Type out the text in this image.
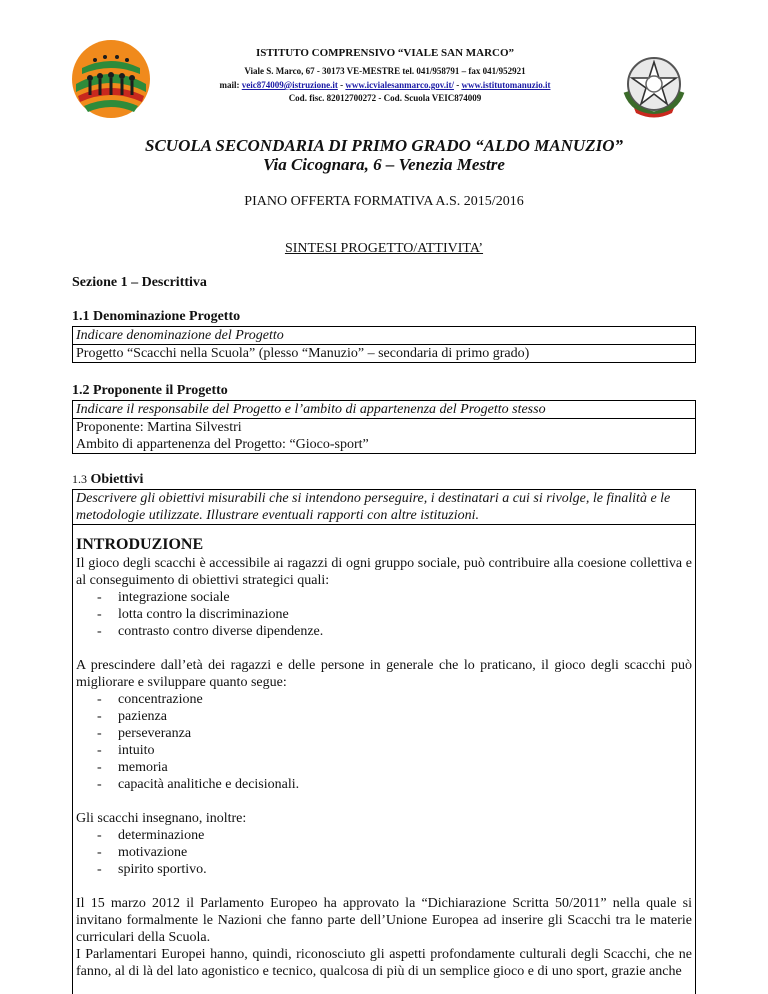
ISTITUTO COMPRENSIVO “VIALE SAN MARCO”
Viale S. Marco, 67 - 30173 VE-MESTRE tel. 041/958791 – fax 041/952921
mail: veic874009@istruzione.it - www.icvialesanmarco.gov.it/ - www.istitutomanuzio.it
Cod. fisc. 82012700272 - Cod. Scuola VEIC874009
SCUOLA SECONDARIA DI PRIMO GRADO “ALDO MANUZIO”
Via Cicognara, 6 – Venezia Mestre
PIANO OFFERTA FORMATIVA A.S. 2015/2016
SINTESI PROGETTO/ATTIVITA’
Sezione 1 – Descrittiva
1.1 Denominazione Progetto
Indicare denominazione del Progetto
Progetto “Scacchi nella Scuola” (plesso “Manuzio” – secondaria di primo grado)
1.2 Proponente il Progetto
Indicare il responsabile del Progetto e l’ambito di appartenenza del Progetto stesso
Proponente: Martina Silvestri
Ambito di appartenenza del Progetto: “Gioco-sport”
1.3 Obiettivi
Descrivere gli obiettivi misurabili che si intendono perseguire, i destinatari a cui si rivolge, le finalità e le metodologie utilizzate. Illustrare eventuali rapporti con altre istituzioni.
INTRODUZIONE

Il gioco degli scacchi è accessibile ai ragazzi di ogni gruppo sociale, può contribuire alla coesione collettiva e al conseguimento di obiettivi strategici quali:

- integrazione sociale
- lotta contro la discriminazione
- contrasto contro diverse dipendenze.

A prescindere dall’età dei ragazzi e delle persone in generale che lo praticano, il gioco degli scacchi può migliorare e sviluppare quanto segue:

- concentrazione
- pazienza
- perseveranza
- intuito
- memoria
- capacità analitiche e decisionali.

Gli scacchi insegnano, inoltre:

- determinazione
- motivazione
- spirito sportivo.

Il 15 marzo 2012 il Parlamento Europeo ha approvato la “Dichiarazione Scritta 50/2011” nella quale si invitano formalmente le Nazioni che fanno parte dell’Unione Europea ad inserire gli Scacchi tra le materie curriculari della Scuola.

I Parlamentari Europei hanno, quindi, riconosciuto gli aspetti profondamente culturali degli Scacchi, che ne fanno, al di là del lato agonistico e tecnico, qualcosa di più di un semplice gioco e di uno sport, grazie anche
